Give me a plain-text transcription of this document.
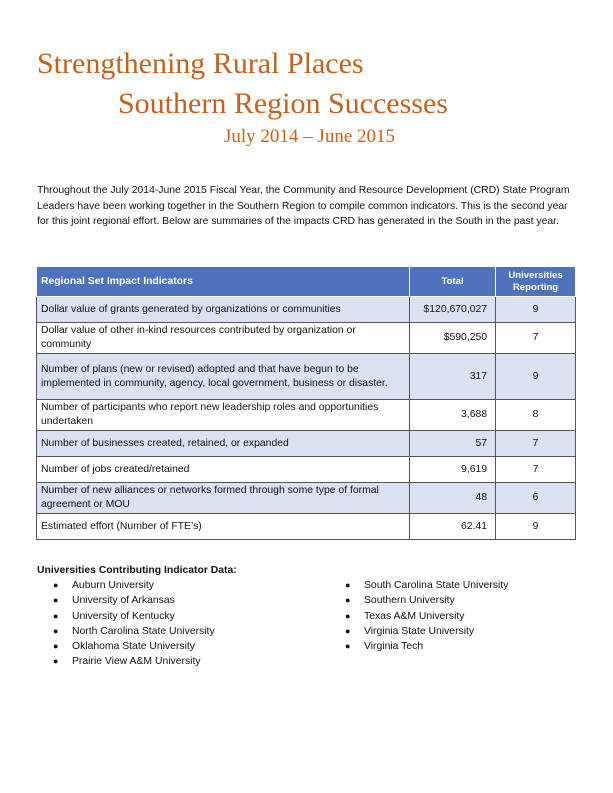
Strengthening Rural Places
Southern Region Successes
July 2014 – June 2015
Throughout the July 2014-June 2015 Fiscal Year, the Community and Resource Development (CRD) State Program Leaders have been working together in the Southern Region to compile common indicators. This is the second year for this joint regional effort. Below are summaries of the impacts CRD has generated in the South in the past year.
Regional Set Impact Indicators	Total	Universities Reporting
Dollar value of grants generated by organizations or communities	$120,670,027	9
Dollar value of other in-kind resources contributed by organization or community	$590,250	7
Number of plans (new or revised) adopted and that have begun to be implemented in community, agency, local government, business or disaster.	317	9
Number of participants who report new leadership roles and opportunities undertaken	3,688	8
Number of businesses created, retained, or expanded	57	7
Number of jobs created/retained	9,619	7
Number of new alliances or networks formed through some type of formal agreement or MOU	48	6
Estimated effort (Number of FTE’s)	62.41	9
Universities Contributing Indicator Data:
● Auburn University
● University of Arkansas
● University of Kentucky
● North Carolina State University
● Oklahoma State University
● Prairie View A&M University
● South Carolina State University
● Southern University
● Texas A&M University
● Virginia State University
● Virginia Tech
